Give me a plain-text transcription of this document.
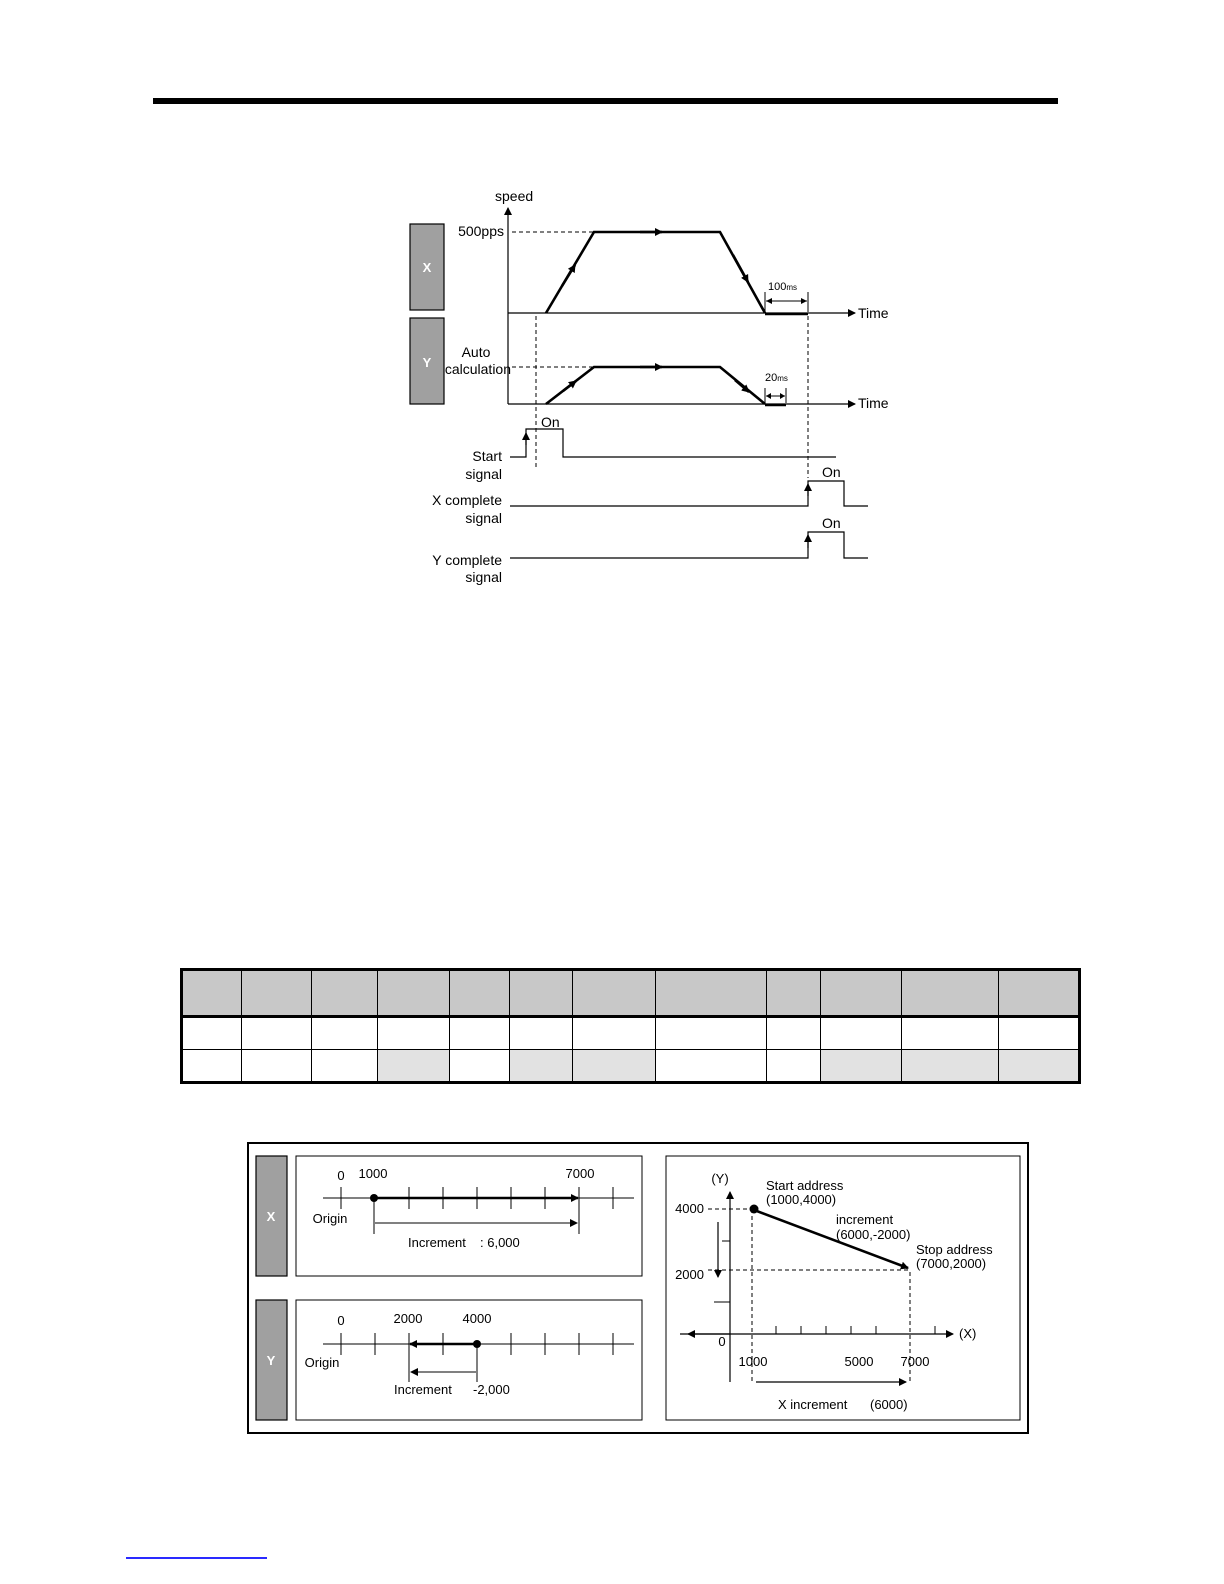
X
Y
speed
500pps
Time
100ms
Time
Auto
calculation
20ms
Start
signal
On
X complete
signal
On
Y complete
signal
On

X
0 1000	7000
Origin
Increment : 6,000
Y
0	2000	4000
Origin
Increment -2,000
(Y)
(X)
4000
2000
0
1000	5000 7000
Start address
(1000,4000)
increment
(6000,-2000)
Stop address
(7000,2000)
X increment (6000)
